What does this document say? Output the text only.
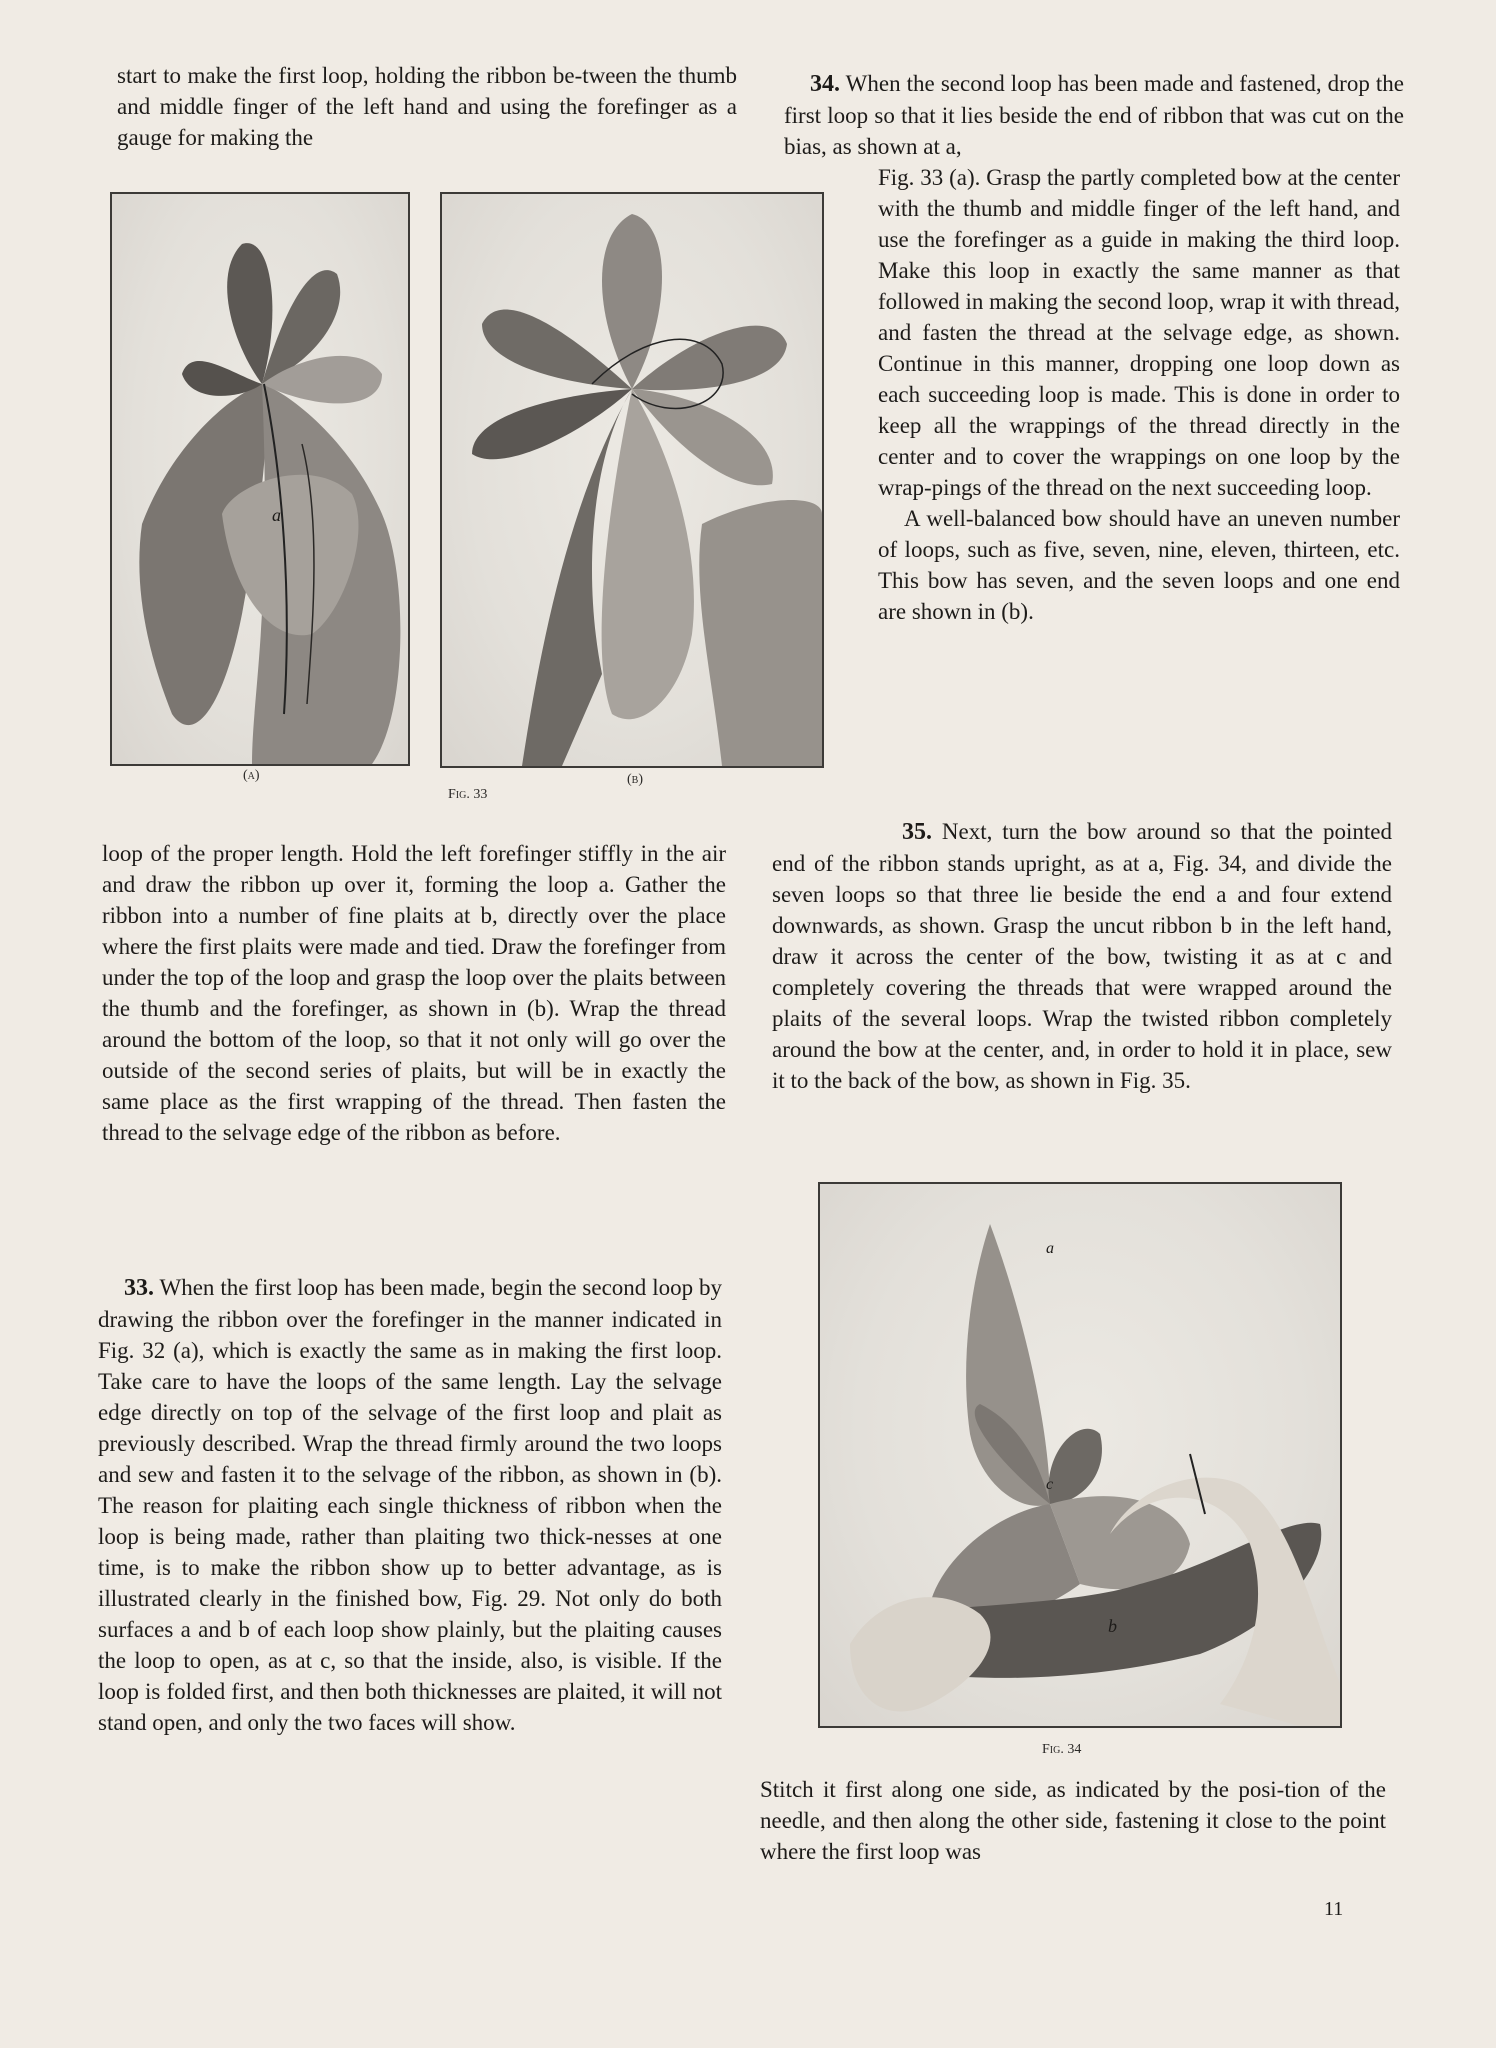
start to make the first loop, holding the ribbon be-tween the thumb and middle finger of the left hand and using the forefinger as a gauge for making the

a
(a)	(b)
Fig. 33

loop of the proper length. Hold the left forefinger stiffly in the air and draw the ribbon up over it, forming the loop a. Gather the ribbon into a number of fine plaits at b, directly over the place where the first plaits were made and tied. Draw the forefinger from under the top of the loop and grasp the loop over the plaits between the thumb and the forefinger, as shown in (b). Wrap the thread around the bottom of the loop, so that it not only will go over the outside of the second series of plaits, but will be in exactly the same place as the first wrapping of the thread. Then fasten the thread to the selvage edge of the ribbon as before.

33. When the first loop has been made, begin the second loop by drawing the ribbon over the forefinger in the manner indicated in Fig. 32 (a), which is exactly the same as in making the first loop. Take care to have the loops of the same length. Lay the selvage edge directly on top of the selvage of the first loop and plait as previously described. Wrap the thread firmly around the two loops and sew and fasten it to the selvage of the ribbon, as shown in (b). The reason for plaiting each single thickness of ribbon when the loop is being made, rather than plaiting two thick-nesses at one time, is to make the ribbon show up to better advantage, as is illustrated clearly in the finished bow, Fig. 29. Not only do both surfaces a and b of each loop show plainly, but the plaiting causes the loop to open, as at c, so that the inside, also, is visible. If the loop is folded first, and then both thicknesses are plaited, it will not stand open, and only the two faces will show.

34. When the second loop has been made and fastened, drop the first loop so that it lies beside the end of ribbon that was cut on the bias, as shown at a,

Fig. 33 (a). Grasp the partly completed bow at the center with the thumb and middle finger of the left hand, and use the forefinger as a guide in making the third loop. Make this loop in exactly the same manner as that followed in making the second loop, wrap it with thread, and fasten the thread at the selvage edge, as shown. Continue in this manner, dropping one loop down as each succeeding loop is made. This is done in order to keep all the wrappings of the thread directly in the center and to cover the wrappings on one loop by the wrap-pings of the thread on the next succeeding loop.

A well-balanced bow should have an uneven number of loops, such as five, seven, nine, eleven, thirteen, etc. This bow has seven, and the seven loops and one end are shown in (b).

35. Next, turn the bow around so that the pointed end of the ribbon stands upright, as at a, Fig. 34, and divide the seven loops so that three lie beside the end a and four extend downwards, as shown. Grasp the uncut ribbon b in the left hand, draw it across the center of the bow, twisting it as at c and completely covering the threads that were wrapped around the plaits of the several loops. Wrap the twisted ribbon completely around the bow at the center, and, in order to hold it in place, sew it to the back of the bow, as shown in Fig. 35.

a
c
b
Fig. 34

Stitch it first along one side, as indicated by the posi-tion of the needle, and then along the other side, fastening it close to the point where the first loop was

11
